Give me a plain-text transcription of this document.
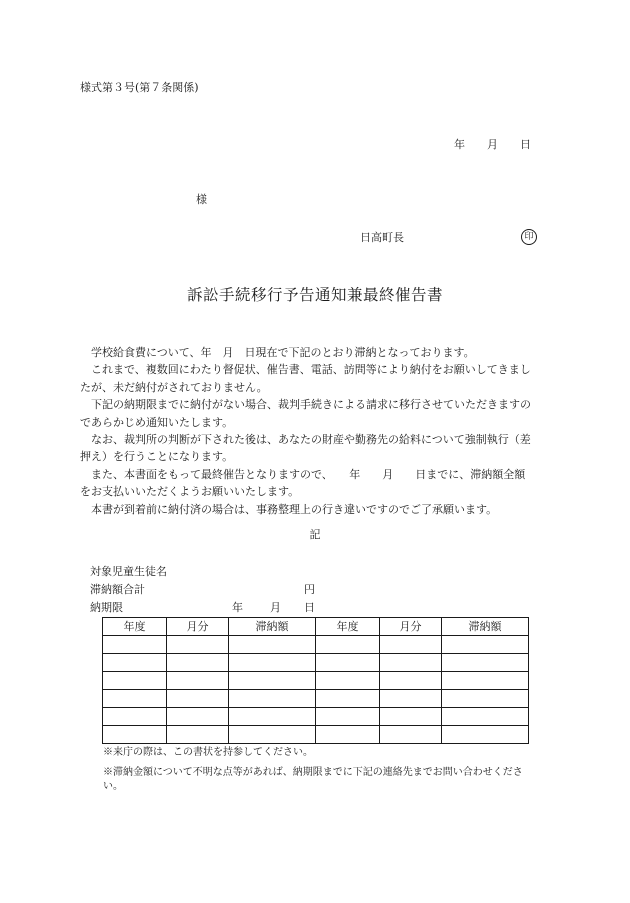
様式第３号(第７条関係)
年 月 日
様
日高町長	印
訴訟手続移行予告通知兼最終催告書

学校給食費について、年　月　日現在で下記のとおり滞納となっております。

これまで、複数回にわたり督促状、催告書、電話、訪問等により納付をお願いしてきましたが、未だ納付がされておりません。

下記の納期限までに納付がない場合、裁判手続きによる請求に移行させていただきますのであらかじめ通知いたします。

なお、裁判所の判断が下された後は、あなたの財産や勤務先の給料について強制執行（差押え）を行うことになります。

また、本書面をもって最終催告となりますので、　　年　　月　　日までに、滞納額全額をお支払いいただくようお願いいたします。

本書が到着前に納付済の場合は、事務整理上の行き違いですのでご了承願います。

記
対象児童生徒名
滞納額合計	円
納期限	年 月 日
年度	月分	滞納額	年度	月分	滞納額

※来庁の際は、この書状を持参してください。
※滞納金額について不明な点等があれば、納期限までに下記の連絡先までお問い合わせください。
